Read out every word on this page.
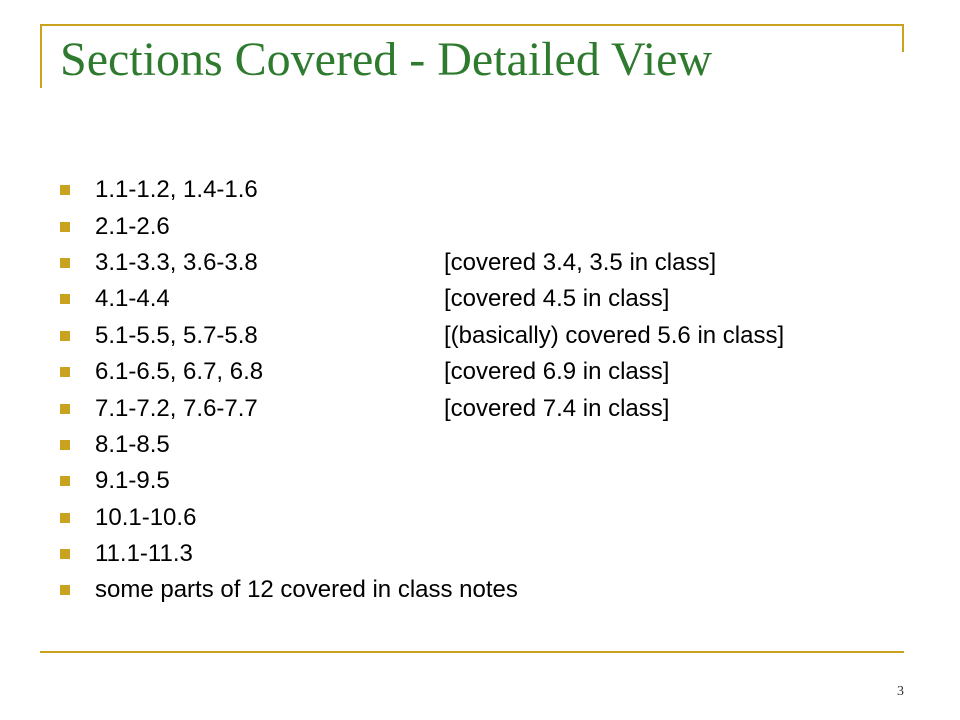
Sections Covered - Detailed View
1.1-1.2, 1.4-1.6
2.1-2.6
3.1-3.3, 3.6-3.8	[covered 3.4, 3.5 in class]
4.1-4.4	[covered 4.5 in class]
5.1-5.5, 5.7-5.8	[(basically) covered 5.6 in class]
6.1-6.5, 6.7, 6.8	[covered 6.9 in class]
7.1-7.2, 7.6-7.7	[covered 7.4 in class]
8.1-8.5
9.1-9.5
10.1-10.6
11.1-11.3
some parts of 12 covered in class notes
3
